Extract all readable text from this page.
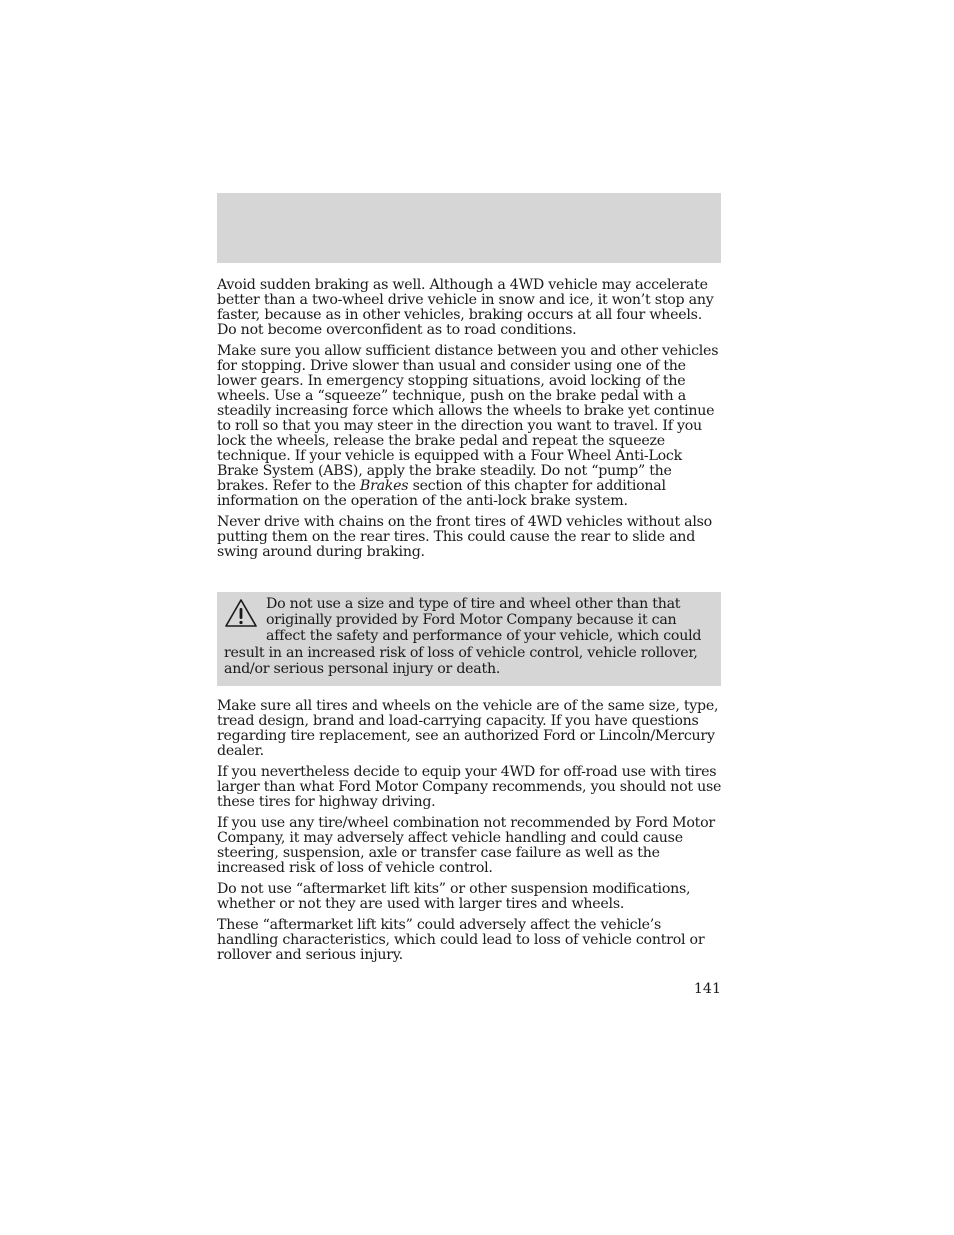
Avoid sudden braking as well. Although a 4WD vehicle may accelerate better than a two-wheel drive vehicle in snow and ice, it won’t stop any faster, because as in other vehicles, braking occurs at all four wheels. Do not become overconfident as to road conditions.

Make sure you allow sufficient distance between you and other vehicles for stopping. Drive slower than usual and consider using one of the lower gears. In emergency stopping situations, avoid locking of the wheels. Use a “squeeze” technique, push on the brake pedal with a steadily increasing force which allows the wheels to brake yet continue to roll so that you may steer in the direction you want to travel. If you lock the wheels, release the brake pedal and repeat the squeeze technique. If your vehicle is equipped with a Four Wheel Anti-Lock Brake System (ABS), apply the brake steadily. Do not “pump” the brakes. Refer to the Brakes section of this chapter for additional information on the operation of the anti-lock brake system.

Never drive with chains on the front tires of 4WD vehicles without also putting them on the rear tires. This could cause the rear to slide and swing around during braking.

Do not use a size and type of tire and wheel other than that originally provided by Ford Motor Company because it can affect the safety and performance of your vehicle, which could result in an increased risk of loss of vehicle control, vehicle rollover, and/or serious personal injury or death.

Make sure all tires and wheels on the vehicle are of the same size, type, tread design, brand and load-carrying capacity. If you have questions regarding tire replacement, see an authorized Ford or Lincoln/Mercury dealer.

If you nevertheless decide to equip your 4WD for off-road use with tires larger than what Ford Motor Company recommends, you should not use these tires for highway driving.

If you use any tire/wheel combination not recommended by Ford Motor Company, it may adversely affect vehicle handling and could cause steering, suspension, axle or transfer case failure as well as the increased risk of loss of vehicle control.

Do not use “aftermarket lift kits” or other suspension modifications, whether or not they are used with larger tires and wheels.

These “aftermarket lift kits” could adversely affect the vehicle’s handling characteristics, which could lead to loss of vehicle control or rollover and serious injury.

141
